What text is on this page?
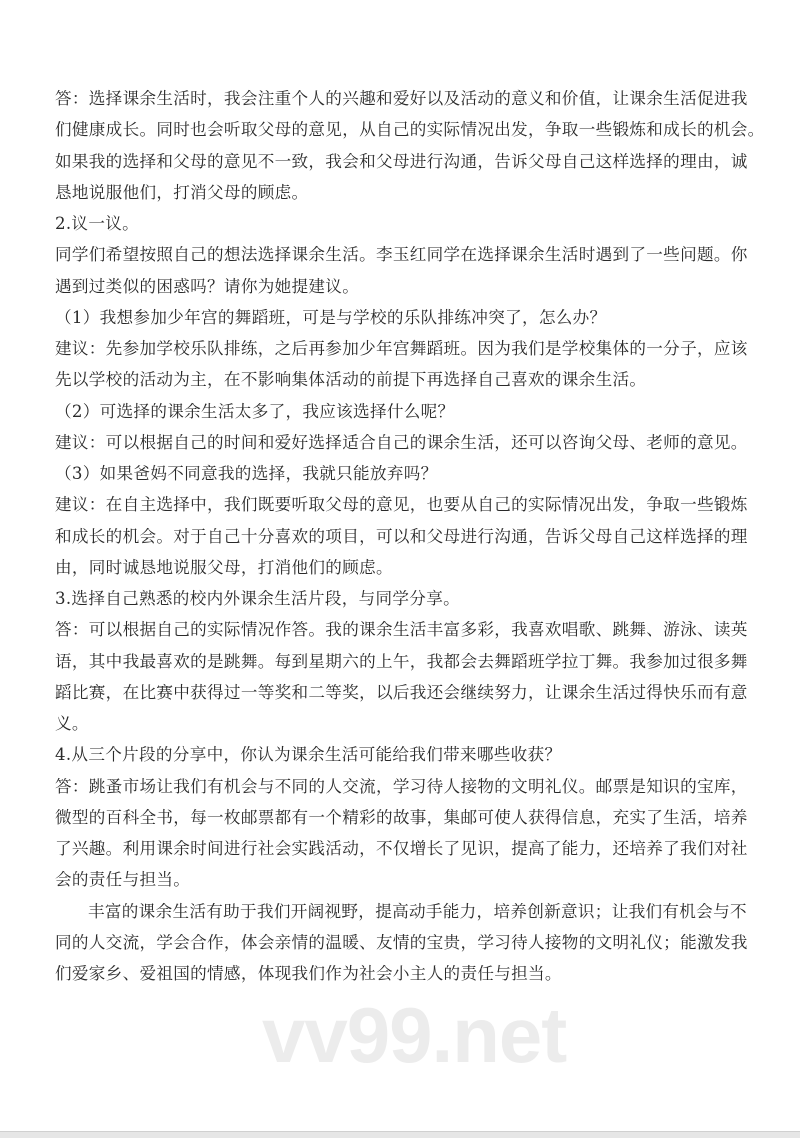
答：选择课余生活时，我会注重个人的兴趣和爱好以及活动的意义和价值，让课余生活促进我
们健康成长。同时也会听取父母的意见，从自己的实际情况出发，争取一些锻炼和成长的机会。
如果我的选择和父母的意见不一致，我会和父母进行沟通，告诉父母自己这样选择的理由，诚
恳地说服他们，打消父母的顾虑。
2.议一议。
同学们希望按照自己的想法选择课余生活。李玉红同学在选择课余生活时遇到了一些问题。你
遇到过类似的困惑吗？请你为她提建议。
（1）我想参加少年宫的舞蹈班，可是与学校的乐队排练冲突了，怎么办？
建议：先参加学校乐队排练，之后再参加少年宫舞蹈班。因为我们是学校集体的一分子，应该
先以学校的活动为主，在不影响集体活动的前提下再选择自己喜欢的课余生活。
（2）可选择的课余生活太多了，我应该选择什么呢？
建议：可以根据自己的时间和爱好选择适合自己的课余生活，还可以咨询父母、老师的意见。
（3）如果爸妈不同意我的选择，我就只能放弃吗？
建议：在自主选择中，我们既要听取父母的意见，也要从自己的实际情况出发，争取一些锻炼
和成长的机会。对于自己十分喜欢的项目，可以和父母进行沟通，告诉父母自己这样选择的理
由，同时诚恳地说服父母，打消他们的顾虑。
3.选择自己熟悉的校内外课余生活片段，与同学分享。
答：可以根据自己的实际情况作答。我的课余生活丰富多彩，我喜欢唱歌、跳舞、游泳、读英
语，其中我最喜欢的是跳舞。每到星期六的上午，我都会去舞蹈班学拉丁舞。我参加过很多舞
蹈比赛，在比赛中获得过一等奖和二等奖，以后我还会继续努力，让课余生活过得快乐而有意
义。
4.从三个片段的分享中，你认为课余生活可能给我们带来哪些收获？
答：跳蚤市场让我们有机会与不同的人交流，学习待人接物的文明礼仪。邮票是知识的宝库，
微型的百科全书，每一枚邮票都有一个精彩的故事，集邮可使人获得信息，充实了生活，培养
了兴趣。利用课余时间进行社会实践活动，不仅增长了见识，提高了能力，还培养了我们对社
会的责任与担当。
丰富的课余生活有助于我们开阔视野，提高动手能力，培养创新意识；让我们有机会与不
同的人交流，学会合作，体会亲情的温暖、友情的宝贵，学习待人接物的文明礼仪；能激发我
们爱家乡、爱祖国的情感，体现我们作为社会小主人的责任与担当。
vv99.net
